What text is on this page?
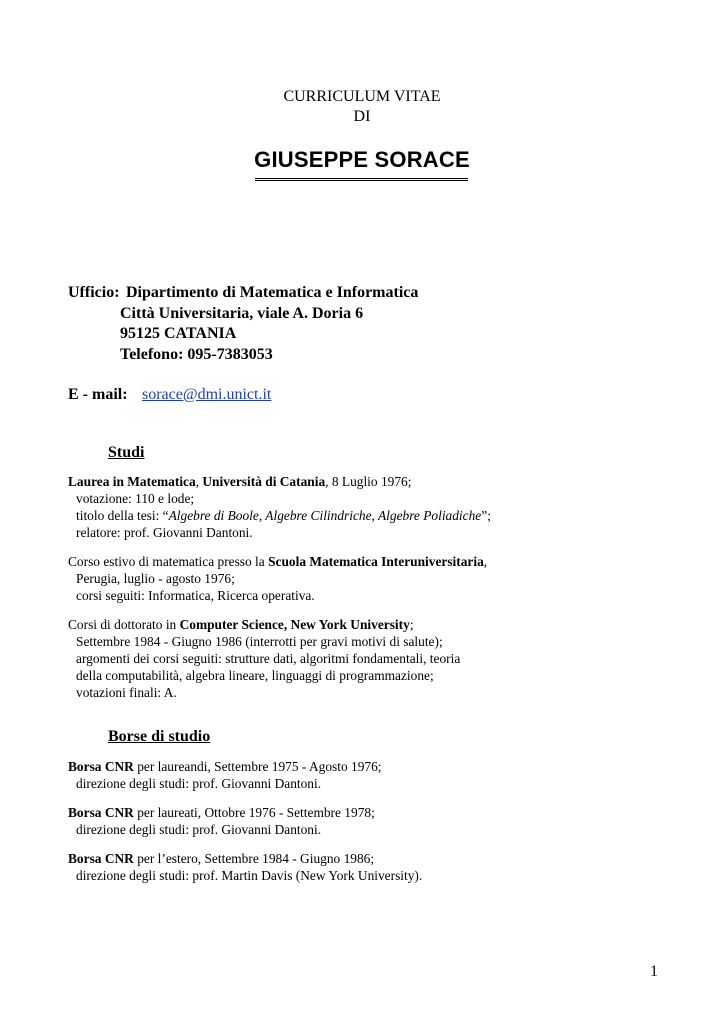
CURRICULUM VITAE
DI
GIUSEPPE SORACE
Ufficio: Dipartimento di Matematica e Informatica
Città Universitaria, viale A. Doria 6
95125 CATANIA
Telefono: 095-7383053
E - mail: sorace@dmi.unict.it
Studi
Laurea in Matematica, Università di Catania, 8 Luglio 1976;
votazione: 110 e lode;
titolo della tesi: “Algebre di Boole, Algebre Cilindriche, Algebre Poliadiche”;
relatore: prof. Giovanni Dantoni.
Corso estivo di matematica presso la Scuola Matematica Interuniversitaria,
Perugia, luglio - agosto 1976;
corsi seguiti: Informatica, Ricerca operativa.
Corsi di dottorato in Computer Science, New York University;
Settembre 1984 - Giugno 1986 (interrotti per gravi motivi di salute);
argomenti dei corsi seguiti: strutture dati, algoritmi fondamentali, teoria
della computabilità, algebra lineare, linguaggi di programmazione;
votazioni finali: A.
Borse di studio
Borsa CNR per laureandi, Settembre 1975 - Agosto 1976;
direzione degli studi: prof. Giovanni Dantoni.
Borsa CNR per laureati, Ottobre 1976 - Settembre 1978;
direzione degli studi: prof. Giovanni Dantoni.
Borsa CNR per l’estero, Settembre 1984 - Giugno 1986;
direzione degli studi: prof. Martin Davis (New York University).
1
